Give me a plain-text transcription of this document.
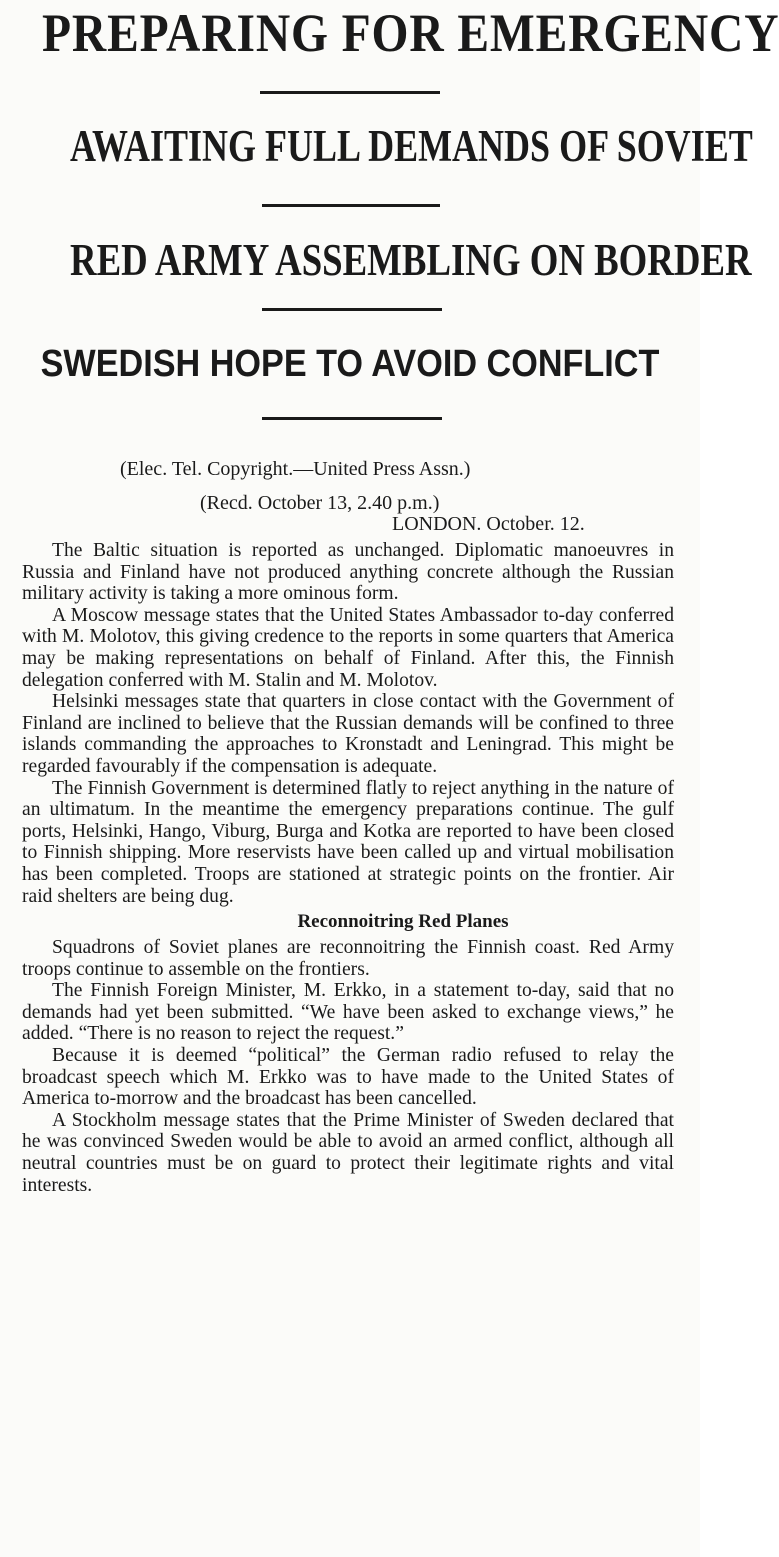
PREPARING FOR EMERGENCY
AWAITING FULL DEMANDS OF SOVIET
RED ARMY ASSEMBLING ON BORDER
SWEDISH HOPE TO AVOID CONFLICT
(Elec. Tel. Copyright.—United Press Assn.)
(Recd. October 13, 2.40 p.m.)
LONDON. October. 12.

The Baltic situation is reported as unchanged. Diplomatic manoeuvres in Russia and Finland have not produced anything concrete although the Russian military activity is taking a more ominous form.

A Moscow message states that the United States Ambassador to-day conferred with M. Molotov, this giving credence to the reports in some quarters that America may be making representations on behalf of Finland. After this, the Finnish delegation conferred with M. Stalin and M. Molotov.

Helsinki messages state that quarters in close contact with the Government of Finland are inclined to believe that the Russian demands will be confined to three islands commanding the approaches to Kronstadt and Leningrad. This might be regarded favourably if the compensation is adequate.

The Finnish Government is determined flatly to reject anything in the nature of an ultimatum. In the meantime the emergency preparations continue. The gulf ports, Helsinki, Hango, Viburg, Burga and Kotka are reported to have been closed to Finnish shipping. More reservists have been called up and virtual mobilisation has been completed. Troops are stationed at strategic points on the frontier. Air raid shelters are being dug.

Reconnoitring Red Planes

Squadrons of Soviet planes are reconnoitring the Finnish coast. Red Army troops continue to assemble on the frontiers.

The Finnish Foreign Minister, M. Erkko, in a statement to-day, said that no demands had yet been submitted. “We have been asked to exchange views,” he added. “There is no reason to reject the request.”

Because it is deemed “political” the German radio refused to relay the broadcast speech which M. Erkko was to have made to the United States of America to-morrow and the broadcast has been cancelled.

A Stockholm message states that the Prime Minister of Sweden declared that he was convinced Sweden would be able to avoid an armed conflict, although all neutral countries must be on guard to protect their legitimate rights and vital interests.
